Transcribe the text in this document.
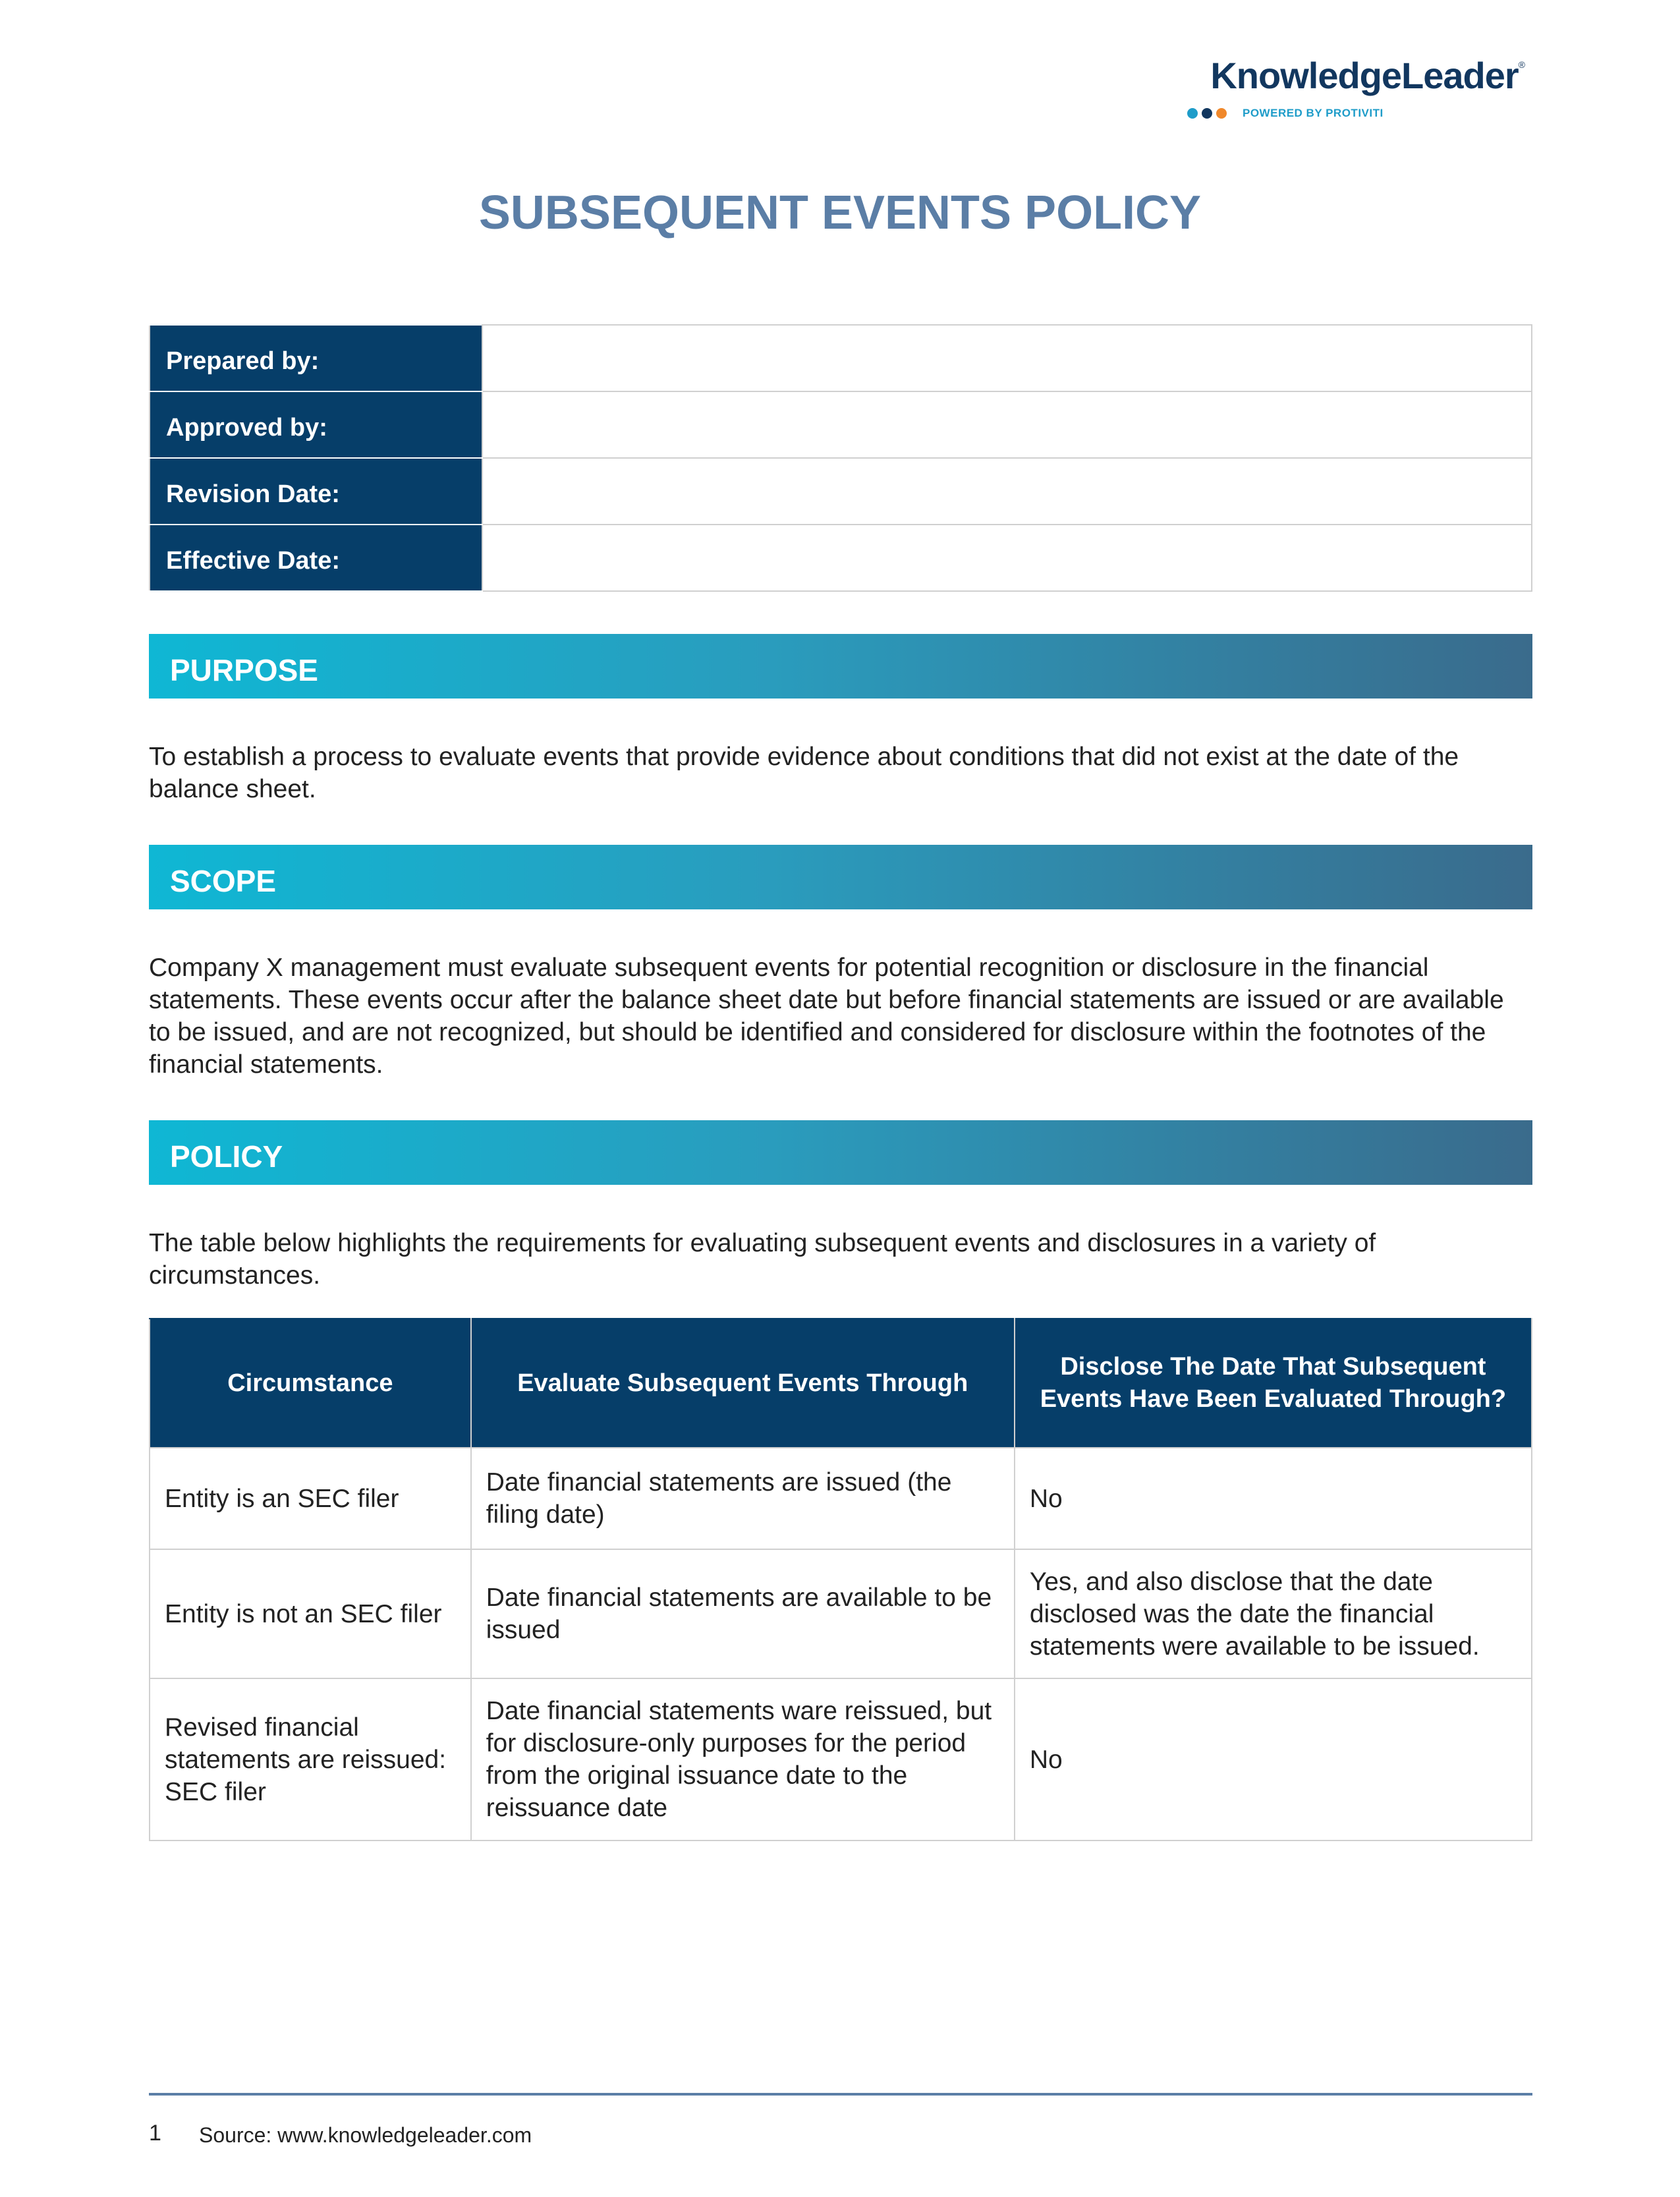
KnowledgeLeader®
POWERED BY PROTIVITI
SUBSEQUENT EVENTS POLICY
Prepared by:	
Approved by:	
Revision Date:	
Effective Date:	
PURPOSE

To establish a process to evaluate events that provide evidence about conditions that did not exist at the date of the balance sheet.

SCOPE

Company X management must evaluate subsequent events for potential recognition or disclosure in the financial statements. These events occur after the balance sheet date but before financial statements are issued or are available to be issued, and are not recognized, but should be identified and considered for disclosure within the footnotes of the financial statements.

POLICY

The table below highlights the requirements for evaluating subsequent events and disclosures in a variety of circumstances.

Circumstance	Evaluate Subsequent Events Through	Disclose The Date That Subsequent Events Have Been Evaluated Through?
Entity is an SEC filer	Date financial statements are issued (the filing date)	No
Entity is not an SEC filer	Date financial statements are available to be issued	Yes, and also disclose that the date disclosed was the date the financial statements were available to be issued.
Revised financial statements are reissued: SEC filer	Date financial statements ware reissued, but for disclosure-only purposes for the period from the original issuance date to the reissuance date	No
1 Source: www.knowledgeleader.com
